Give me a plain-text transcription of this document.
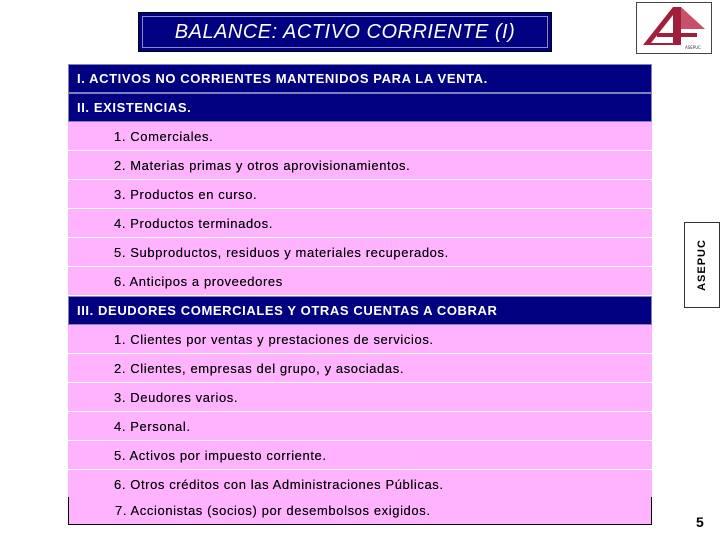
BALANCE: ACTIVO CORRIENTE (I)
ASEPUC
ASEPUC
I. ACTIVOS NO CORRIENTES MANTENIDOS PARA LA VENTA.
II. EXISTENCIAS.
1. Comerciales.
2. Materias primas y otros aprovisionamientos.
3. Productos en curso.
4. Productos terminados.
5. Subproductos, residuos y materiales recuperados.
6. Anticipos a proveedores
III. DEUDORES COMERCIALES Y OTRAS CUENTAS A COBRAR
1. Clientes por ventas y prestaciones de servicios.
2. Clientes, empresas del grupo, y asociadas.
3. Deudores varios.
4. Personal.
5. Activos por impuesto corriente.
6. Otros créditos con las Administraciones Públicas.
7. Accionistas (socios) por desembolsos exigidos.
5
